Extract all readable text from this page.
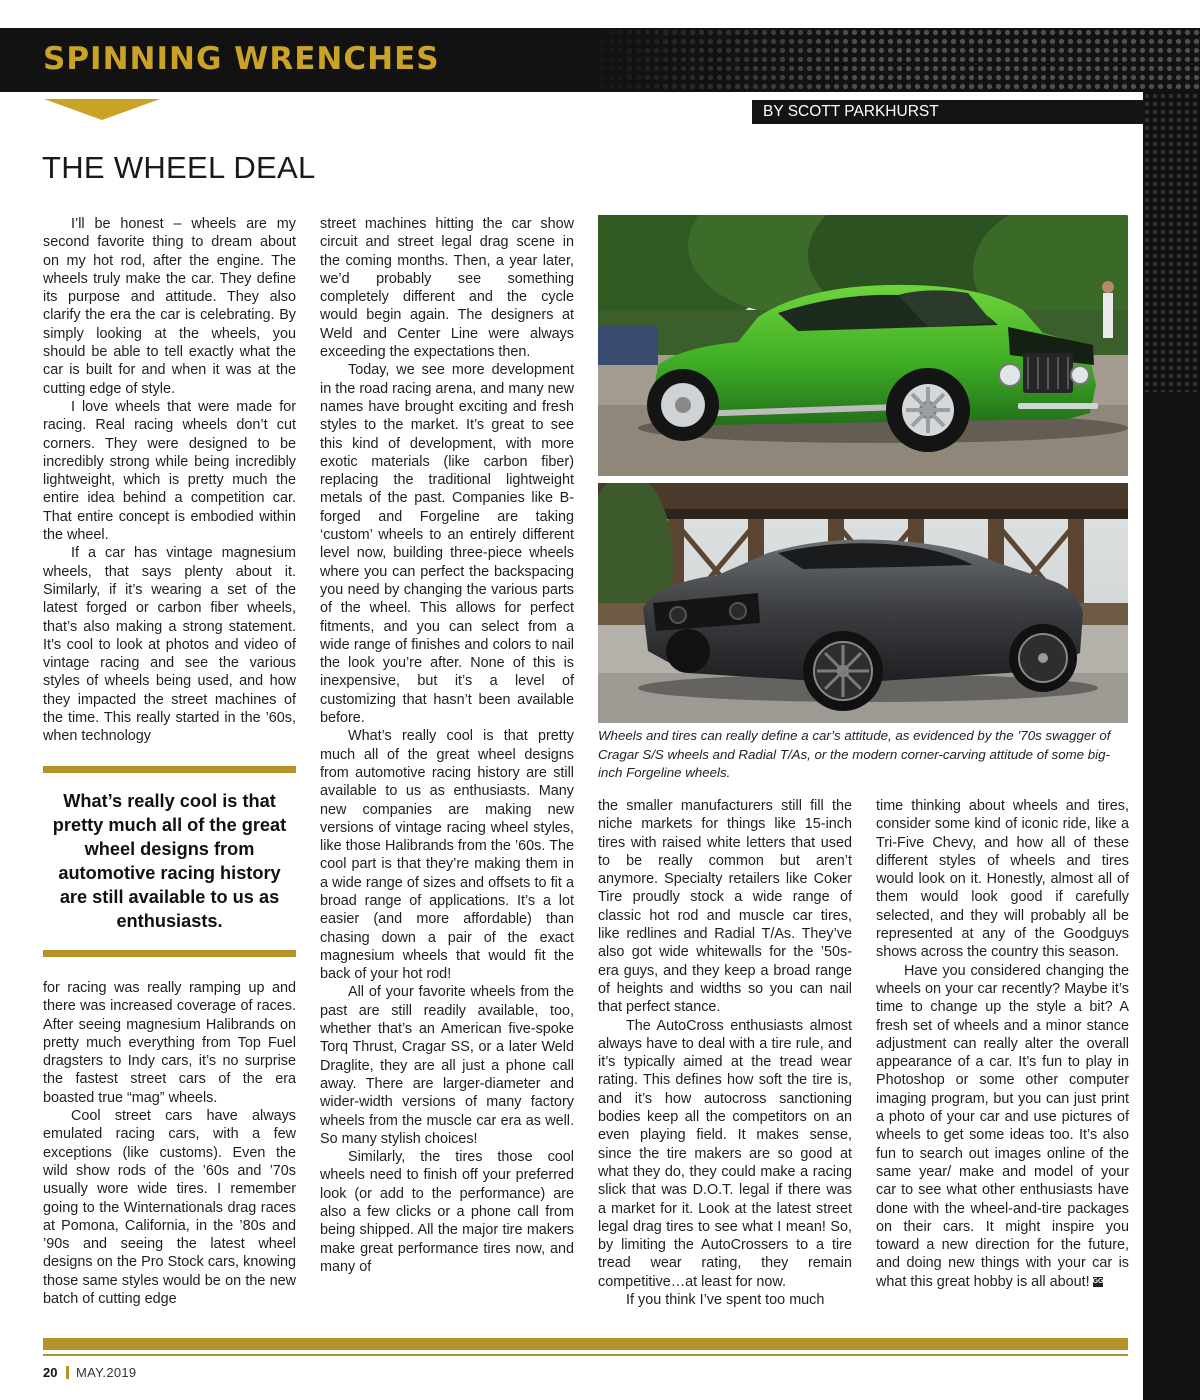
SPINNING WRENCHES
BY SCOTT PARKHURST
THE WHEEL DEAL

I’ll be honest – wheels are my second favorite thing to dream about on my hot rod, after the engine. The wheels truly make the car. They define its purpose and attitude. They also clarify the era the car is celebrating. By simply looking at the wheels, you should be able to tell exactly what the car is built for and when it was at the cutting edge of style.

I love wheels that were made for racing. Real racing wheels don’t cut corners. They were designed to be incredibly strong while being incredibly lightweight, which is pretty much the entire idea behind a competition car. That entire concept is embodied within the wheel.

If a car has vintage magnesium wheels, that says plenty about it. Similarly, if it’s wearing a set of the latest forged or carbon fiber wheels, that’s also making a strong statement. It’s cool to look at photos and video of vintage racing and see the various styles of wheels being used, and how they impacted the street machines of the time. This really started in the ’60s, when technology

What’s really cool is that pretty much all of the great wheel designs from automotive racing history are still available to us as enthusiasts.

for racing was really ramping up and there was increased coverage of races. After seeing magnesium Halibrands on pretty much everything from Top Fuel dragsters to Indy cars, it’s no surprise the fastest street cars of the era boasted true “mag” wheels.

Cool street cars have always emulated racing cars, with a few exceptions (like customs). Even the wild show rods of the ’60s and ’70s usually wore wide tires. I remember going to the Winternationals drag races at Pomona, California, in the ’80s and ’90s and seeing the latest wheel designs on the Pro Stock cars, knowing those same styles would be on the new batch of cutting edge

street machines hitting the car show circuit and street legal drag scene in the coming months. Then, a year later, we’d probably see something completely different and the cycle would begin again. The designers at Weld and Center Line were always exceeding the expectations then.

Today, we see more development in the road racing arena, and many new names have brought exciting and fresh styles to the market. It’s great to see this kind of development, with more exotic materials (like carbon fiber) replacing the traditional lightweight metals of the past. Companies like B-forged and Forgeline are taking ‘custom’ wheels to an entirely different level now, building three-piece wheels where you can perfect the backspacing you need by changing the various parts of the wheel. This allows for perfect fitments, and you can select from a wide range of finishes and colors to nail the look you’re after. None of this is inexpensive, but it’s a level of customizing that hasn’t been available before.

What’s really cool is that pretty much all of the great wheel designs from automotive racing history are still available to us as enthusiasts. Many new companies are making new versions of vintage racing wheel styles, like those Halibrands from the ’60s. The cool part is that they’re making them in a wide range of sizes and offsets to fit a broad range of applications. It’s a lot easier (and more affordable) than chasing down a pair of the exact magnesium wheels that would fit the back of your hot rod!

All of your favorite wheels from the past are still readily available, too, whether that’s an American five-spoke Torq Thrust, Cragar SS, or a later Weld Draglite, they are all just a phone call away. There are larger-diameter and wider-width versions of many factory wheels from the muscle car era as well. So many stylish choices!

Similarly, the tires those cool wheels need to finish off your preferred look (or add to the performance) are also a few clicks or a phone call from being shipped. All the major tire makers make great performance tires now, and many of

Wheels and tires can really define a car’s attitude, as evidenced by the ’70s swagger of Cragar S/S wheels and Radial T/As, or the modern corner-carving attitude of some big-inch Forgeline wheels.

the smaller manufacturers still fill the niche markets for things like 15-inch tires with raised white letters that used to be really common but aren’t anymore. Specialty retailers like Coker Tire proudly stock a wide range of classic hot rod and muscle car tires, like redlines and Radial T/As. They’ve also got wide whitewalls for the ’50s-era guys, and they keep a broad range of heights and widths so you can nail that perfect stance.

The AutoCross enthusiasts almost always have to deal with a tire rule, and it’s typically aimed at the tread wear rating. This defines how soft the tire is, and it’s how autocross sanctioning bodies keep all the competitors on an even playing field. It makes sense, since the tire makers are so good at what they do, they could make a racing slick that was D.O.T. legal if there was a market for it. Look at the latest street legal drag tires to see what I mean! So, by limiting the AutoCrossers to a tire tread wear rating, they remain competitive…at least for now.

If you think I’ve spent too much

time thinking about wheels and tires, consider some kind of iconic ride, like a Tri-Five Chevy, and how all of these different styles of wheels and tires would look on it. Honestly, almost all of them would look good if carefully selected, and they will probably all be represented at any of the Goodguys shows across the country this season.

Have you considered changing the wheels on your car recently? Maybe it’s time to change up the style a bit? A fresh set of wheels and a minor stance adjustment can really alter the overall appearance of a car. It’s fun to play in Photoshop or some other computer imaging program, but you can just print a photo of your car and use pictures of wheels to get some ideas too. It’s also fun to search out images online of the same year/ make and model of your car to see what other enthusiasts have done with the wheel-and-tire packages on their cars. It might inspire you toward a new direction for the future, and doing new things with your car is what this great hobby is all about! GG

20 MAY.2019
